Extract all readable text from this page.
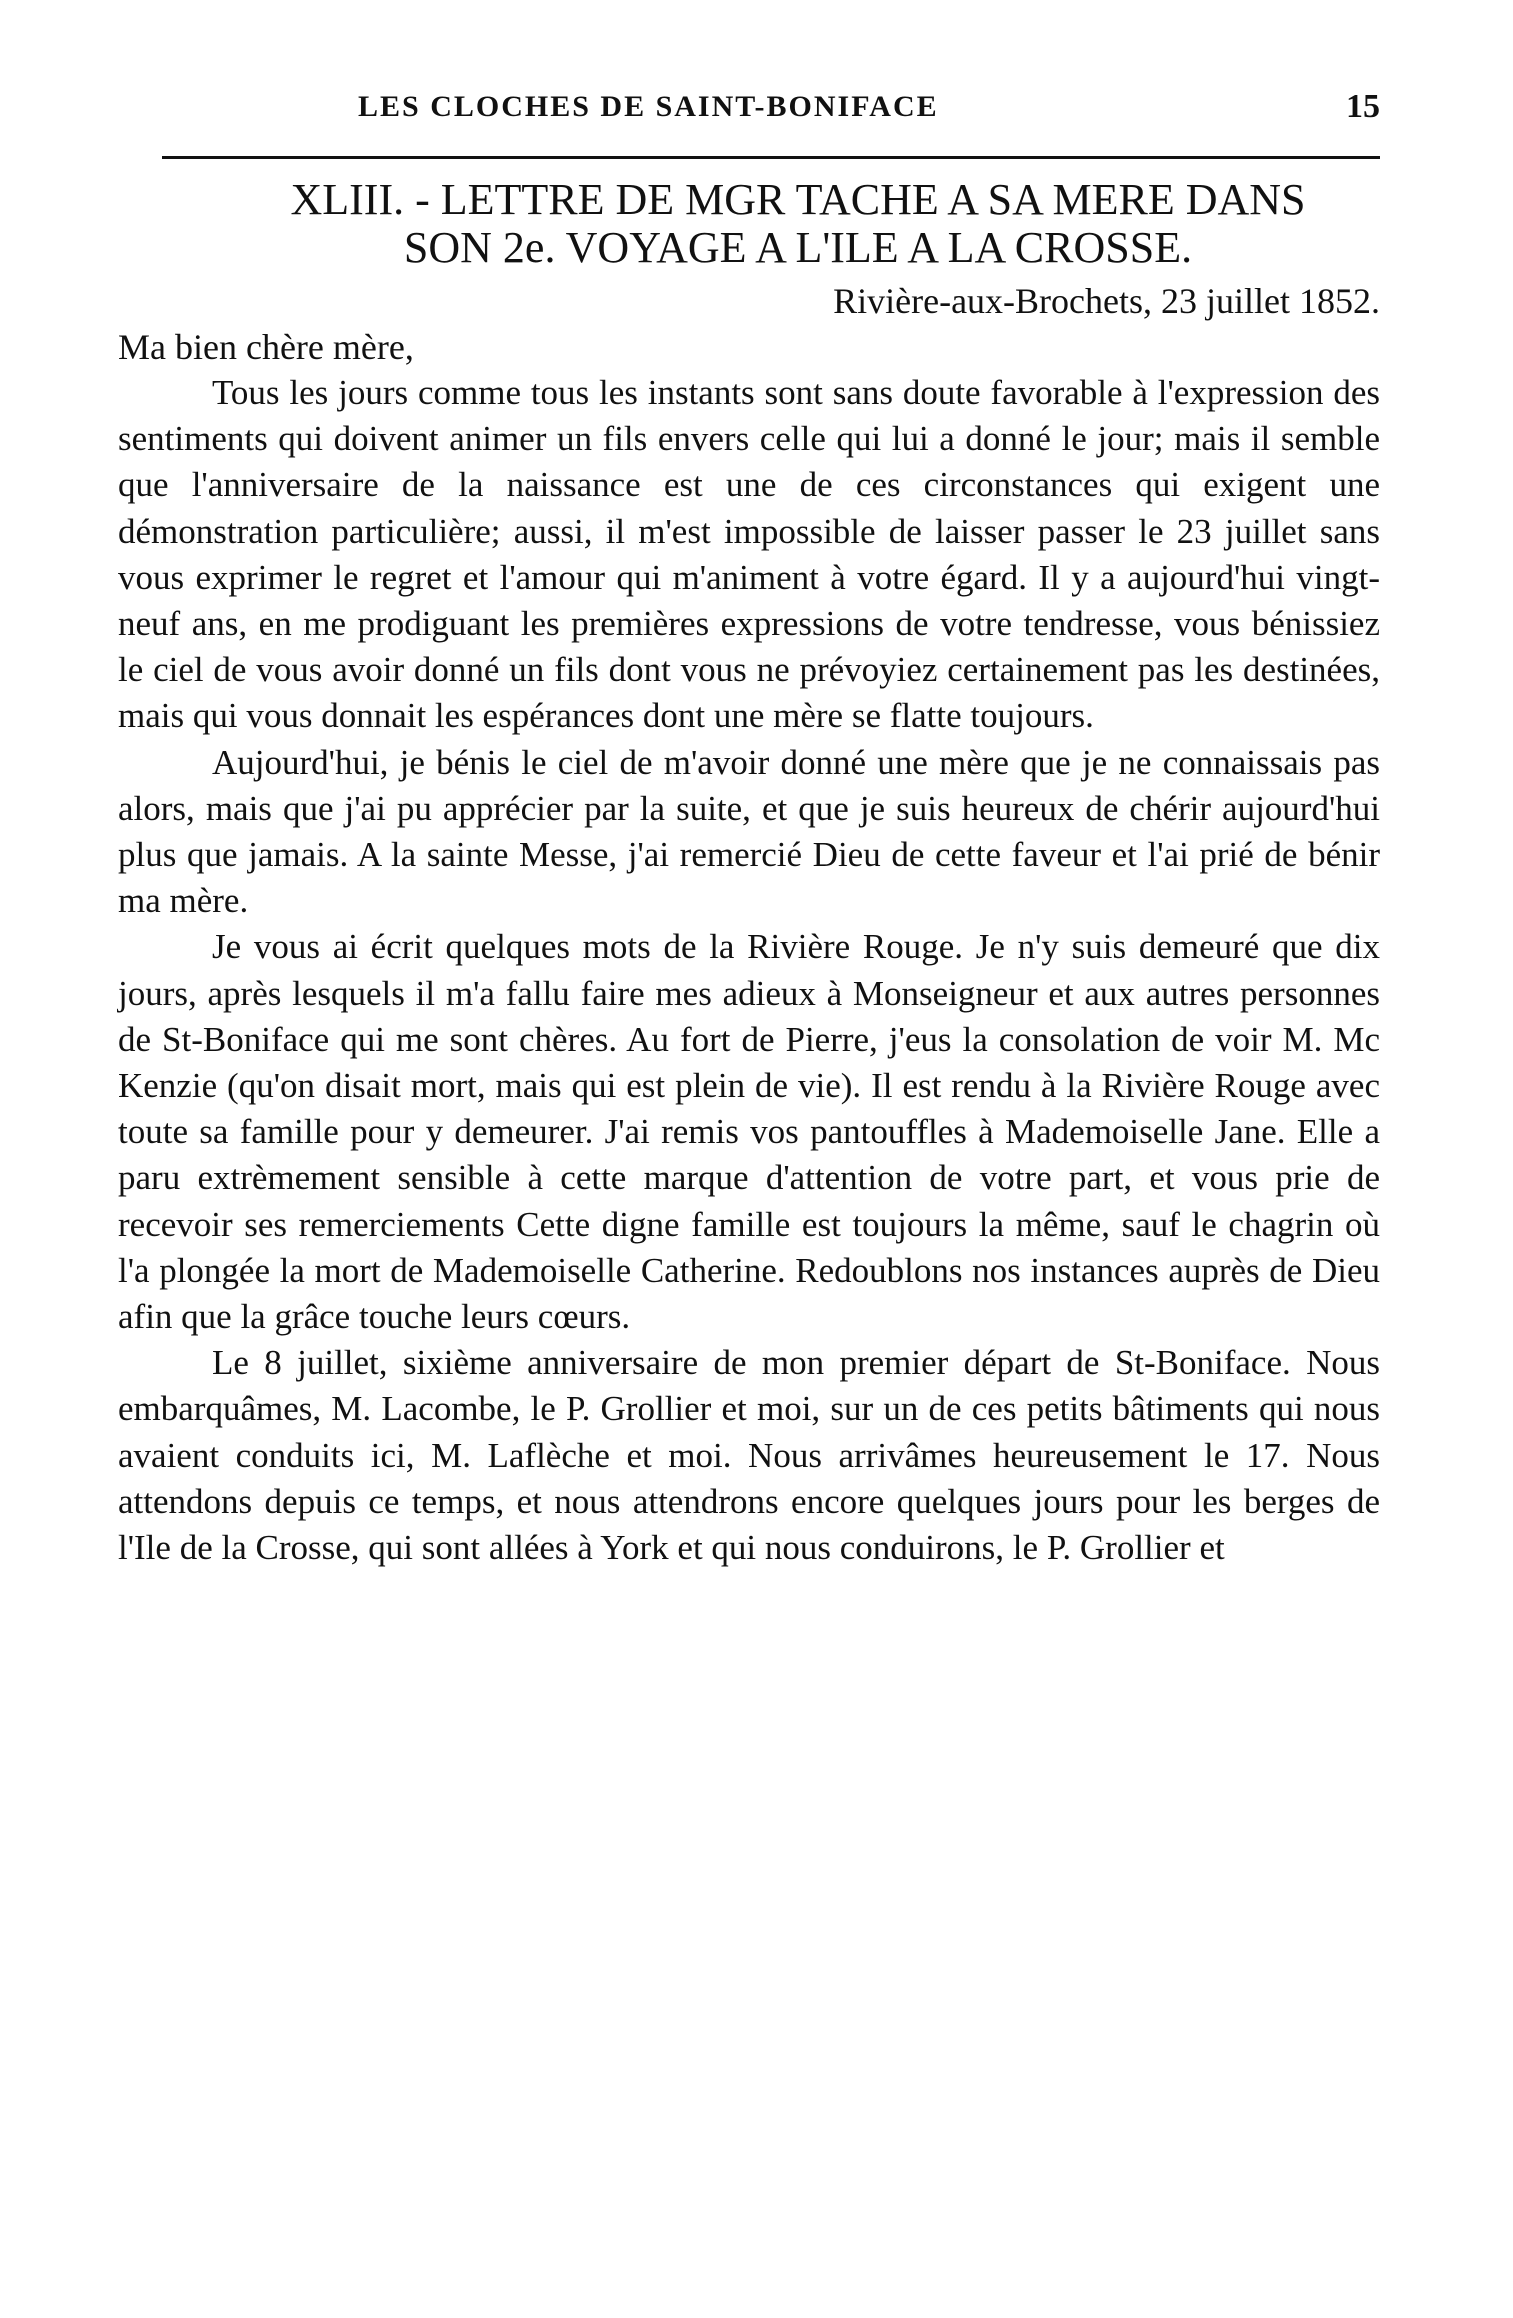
LES CLOCHES DE SAINT-BONIFACE	15
XLIII. - LETTRE DE MGR TACHE A SA MERE DANS
SON 2e. VOYAGE A L'ILE A LA CROSSE.
Rivière-aux-Brochets, 23 juillet 1852.

Ma bien chère mère,

Tous les jours comme tous les instants sont sans doute favorable à l'expression des sentiments qui doivent animer un fils envers celle qui lui a donné le jour; mais il semble que l'anniversaire de la naissance est une de ces circonstances qui exigent une démonstration particulière; aussi, il m'est impossible de laisser passer le 23 juillet sans vous exprimer le regret et l'amour qui m'animent à votre égard. Il y a aujourd'hui vingt-neuf ans, en me prodiguant les premières expressions de votre tendresse, vous bénissiez le ciel de vous avoir donné un fils dont vous ne prévoyiez certainement pas les destinées, mais qui vous donnait les espérances dont une mère se flatte toujours.

Aujourd'hui, je bénis le ciel de m'avoir donné une mère que je ne connaissais pas alors, mais que j'ai pu apprécier par la suite, et que je suis heureux de chérir aujourd'hui plus que jamais. A la sainte Messe, j'ai remercié Dieu de cette faveur et l'ai prié de bénir ma mère.

Je vous ai écrit quelques mots de la Rivière Rouge. Je n'y suis demeuré que dix jours, après lesquels il m'a fallu faire mes adieux à Monseigneur et aux autres personnes de St-Boniface qui me sont chères. Au fort de Pierre, j'eus la consolation de voir M. Mc Kenzie (qu'on disait mort, mais qui est plein de vie). Il est rendu à la Rivière Rouge avec toute sa famille pour y demeurer. J'ai remis vos pantouffles à Mademoiselle Jane. Elle a paru extrèmement sensible à cette marque d'attention de votre part, et vous prie de recevoir ses remerciements Cette digne famille est toujours la même, sauf le chagrin où l'a plongée la mort de Mademoiselle Catherine. Redoublons nos instances auprès de Dieu afin que la grâce touche leurs cœurs.

Le 8 juillet, sixième anniversaire de mon premier départ de St-Boniface. Nous embarquâmes, M. Lacombe, le P. Grollier et moi, sur un de ces petits bâtiments qui nous avaient conduits ici, M. Laflèche et moi. Nous arrivâmes heureusement le 17. Nous attendons depuis ce temps, et nous attendrons encore quelques jours pour les berges de l'Ile de la Crosse, qui sont allées à York et qui nous conduirons, le P. Grollier et
